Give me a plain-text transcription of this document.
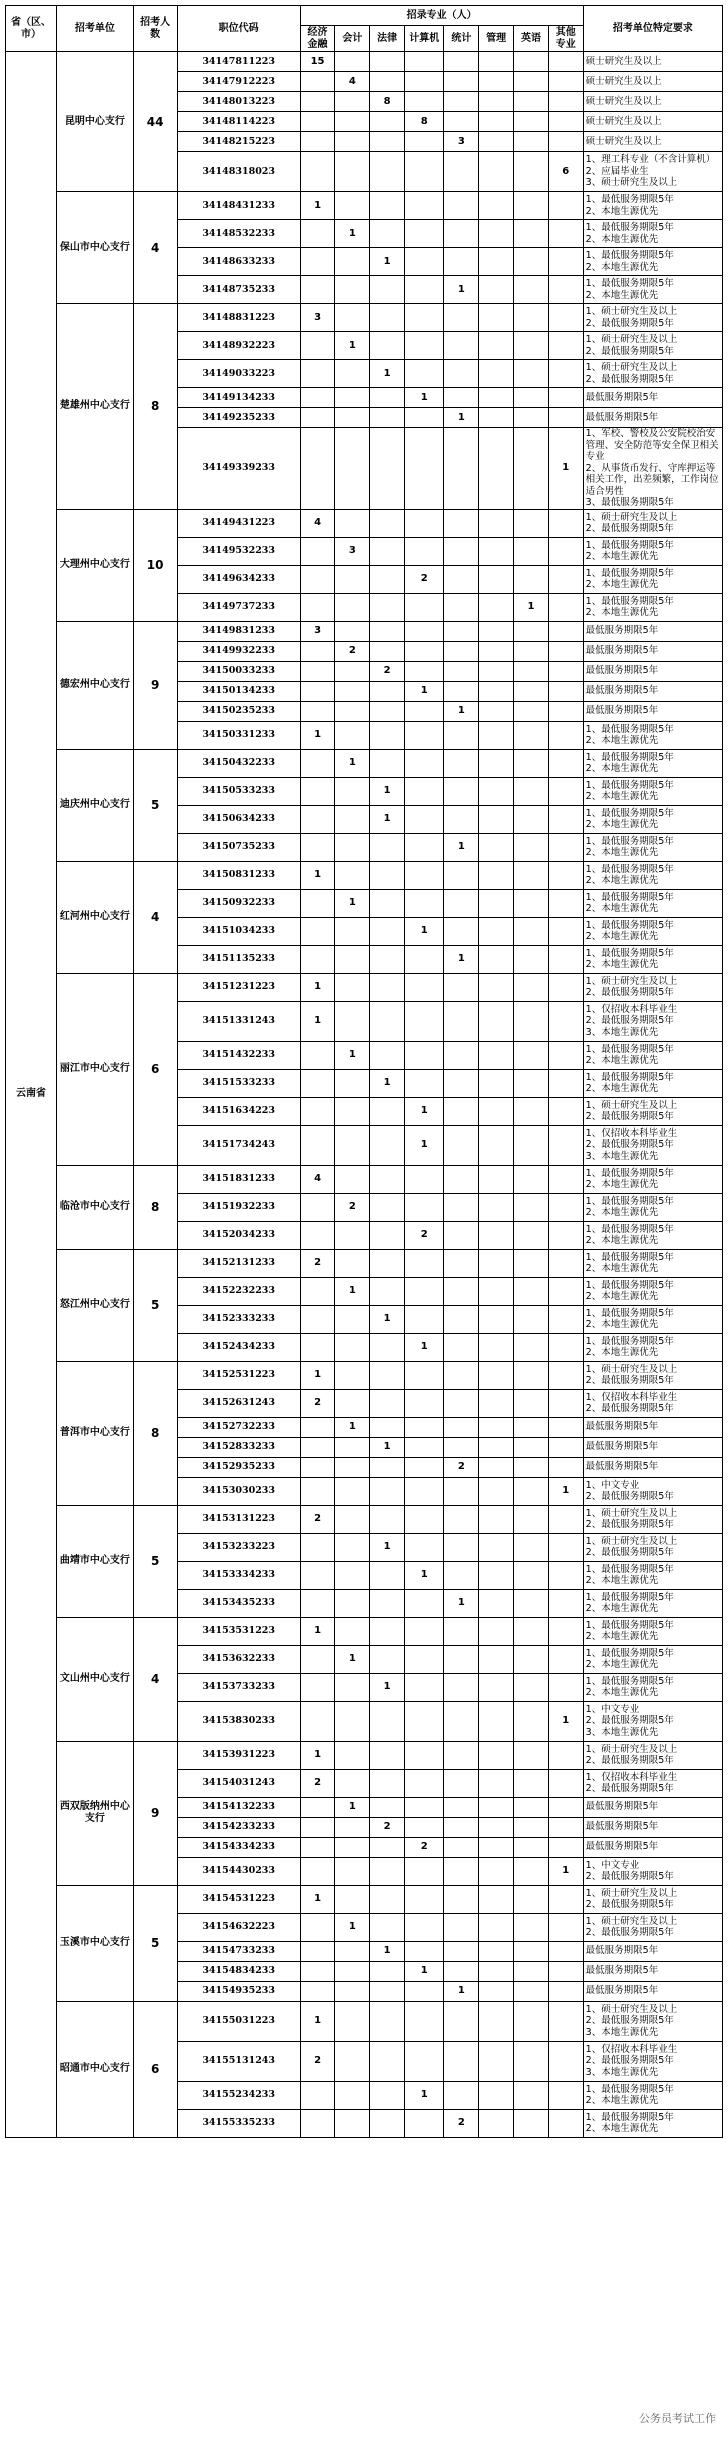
省（区、市）	招考单位	招考人数	职位代码	招录专业（人）								招考单位特定要求
				经济金融	会计	法律	计算机	统计	管理	英语	其他专业	
云南省	昆明中心支行	44	34147811223	15								硕士研究生及以上

			34147912223		4							硕士研究生及以上

			34148013223			8						硕士研究生及以上

			34148114223				8					硕士研究生及以上

			34148215223					3				硕士研究生及以上

			34148318023								6	1、理工科专业（不含计算机）
2、应届毕业生
3、硕士研究生及以上

	保山市中心支行	4	34148431233	1								1、最低服务期限5年
2、本地生源优先

			34148532233		1							1、最低服务期限5年
2、本地生源优先

			34148633233			1						1、最低服务期限5年
2、本地生源优先

			34148735233					1				1、最低服务期限5年
2、本地生源优先

	楚雄州中心支行	8	34148831223	3								1、硕士研究生及以上
2、最低服务期限5年

			34148932223		1							1、硕士研究生及以上
2、最低服务期限5年

			34149033223			1						1、硕士研究生及以上
2、最低服务期限5年

			34149134233				1					最低服务期限5年

			34149235233					1				最低服务期限5年

			34149339233								1	1、军校、警校及公安院校治安管理、安全防范等安全保卫相关专业
2、从事货币发行、守库押运等相关工作，出差频繁，工作岗位适合男性
3、最低服务期限5年

	大理州中心支行	10	34149431223	4								1、硕士研究生及以上
2、最低服务期限5年

			34149532233		3							1、最低服务期限5年
2、本地生源优先

			34149634233				2					1、最低服务期限5年
2、本地生源优先

			34149737233							1		1、最低服务期限5年
2、本地生源优先

	德宏州中心支行	9	34149831233	3								最低服务期限5年

			34149932233		2							最低服务期限5年

			34150033233			2						最低服务期限5年

			34150134233				1					最低服务期限5年

			34150235233					1				最低服务期限5年

			34150331233	1								1、最低服务期限5年
2、本地生源优先

	迪庆州中心支行	5	34150432233		1							1、最低服务期限5年
2、本地生源优先

			34150533233			1						1、最低服务期限5年
2、本地生源优先

			34150634233			1						1、最低服务期限5年
2、本地生源优先

			34150735233					1				1、最低服务期限5年
2、本地生源优先

	红河州中心支行	4	34150831233	1								1、最低服务期限5年
2、本地生源优先

			34150932233		1							1、最低服务期限5年
2、本地生源优先

			34151034233				1					1、最低服务期限5年
2、本地生源优先

			34151135233					1				1、最低服务期限5年
2、本地生源优先

	丽江市中心支行	6	34151231223	1								1、硕士研究生及以上
2、最低服务期限5年

			34151331243	1								1、仅招收本科毕业生
2、最低服务期限5年
3、本地生源优先

			34151432233		1							1、最低服务期限5年
2、本地生源优先

			34151533233			1						1、最低服务期限5年
2、本地生源优先

			34151634223				1					1、硕士研究生及以上
2、最低服务期限5年

			34151734243				1					1、仅招收本科毕业生
2、最低服务期限5年
3、本地生源优先

	临沧市中心支行	8	34151831233	4								1、最低服务期限5年
2、本地生源优先

			34151932233		2							1、最低服务期限5年
2、本地生源优先

			34152034233				2					1、最低服务期限5年
2、本地生源优先

	怒江州中心支行	5	34152131233	2								1、最低服务期限5年
2、本地生源优先

			34152232233		1							1、最低服务期限5年
2、本地生源优先

			34152333233			1						1、最低服务期限5年
2、本地生源优先

			34152434233				1					1、最低服务期限5年
2、本地生源优先

	普洱市中心支行	8	34152531223	1								1、硕士研究生及以上
2、最低服务期限5年

			34152631243	2								1、仅招收本科毕业生
2、最低服务期限5年

			34152732233		1							最低服务期限5年

			34152833233			1						最低服务期限5年

			34152935233					2				最低服务期限5年

			34153030233								1	1、中文专业
2、最低服务期限5年

	曲靖市中心支行	5	34153131223	2								1、硕士研究生及以上
2、最低服务期限5年

			34153233223			1						1、硕士研究生及以上
2、最低服务期限5年

			34153334233				1					1、最低服务期限5年
2、本地生源优先

			34153435233					1				1、最低服务期限5年
2、本地生源优先

	文山州中心支行	4	34153531223	1								1、最低服务期限5年
2、本地生源优先

			34153632233		1							1、最低服务期限5年
2、本地生源优先

			34153733233			1						1、最低服务期限5年
2、本地生源优先

			34153830233								1	1、中文专业
2、最低服务期限5年
3、本地生源优先

	西双版纳州中心支行	9	34153931223	1								1、硕士研究生及以上
2、最低服务期限5年

			34154031243	2								1、仅招收本科毕业生
2、最低服务期限5年

			34154132233		1							最低服务期限5年

			34154233233			2						最低服务期限5年

			34154334233				2					最低服务期限5年

			34154430233								1	1、中文专业
2、最低服务期限5年

	玉溪市中心支行	5	34154531223	1								1、硕士研究生及以上
2、最低服务期限5年

			34154632223		1							1、硕士研究生及以上
2、最低服务期限5年

			34154733233			1						最低服务期限5年

			34154834233				1					最低服务期限5年

			34154935233					1				最低服务期限5年

	昭通市中心支行	6	34155031223	1								1、硕士研究生及以上
2、最低服务期限5年
3、本地生源优先

			34155131243	2								1、仅招收本科毕业生
2、最低服务期限5年
3、本地生源优先

			34155234233				1					1、最低服务期限5年
2、本地生源优先

			34155335233					2				1、最低服务期限5年
2、本地生源优先
公务员考试工作
